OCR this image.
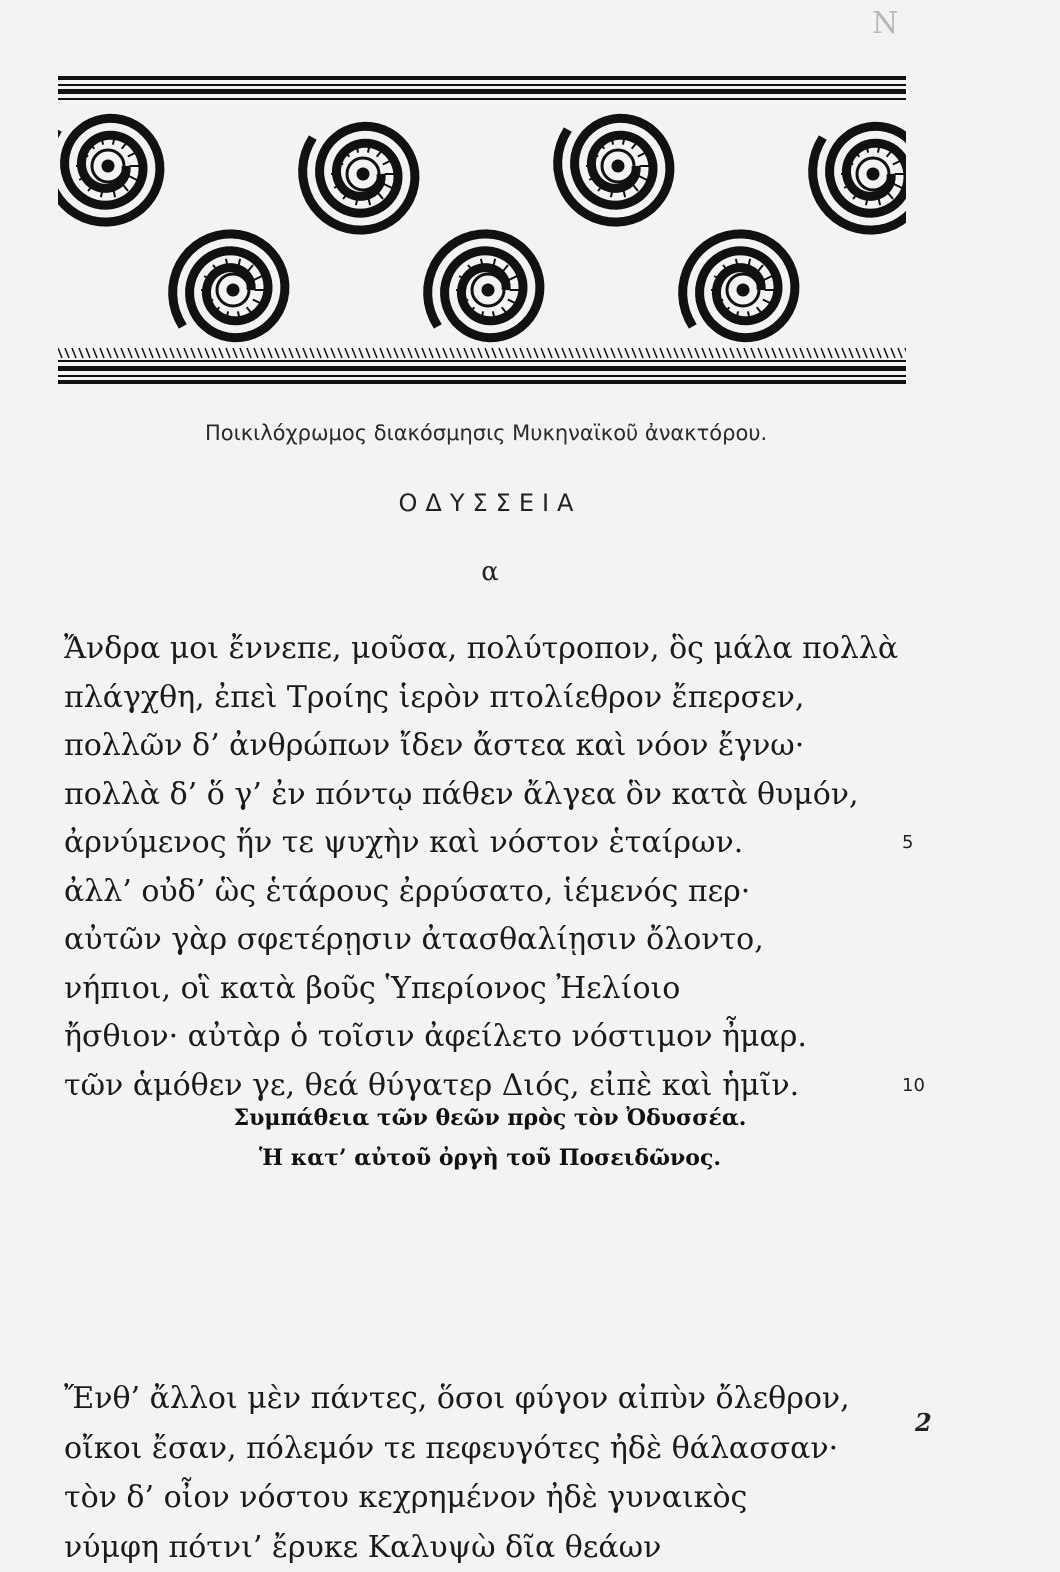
N
Ποικιλόχρωμος διακόσμησις Μυκηναϊκοῦ ἀνακτόρου.
ΟΔΥΣΣΕΙΑ
α
Ἄνδρα μοι ἔννεπε, μοῦσα, πολύτροπον, ὃς μάλα πολλὰ
πλάγχθη, ἐπεὶ Τροίης ἱερὸν πτολίεθρον ἔπερσεν,
πολλῶν δ’ ἀνθρώπων ἴδεν ἄστεα καὶ νόον ἔγνω·
πολλὰ δ’ ὅ γ’ ἐν πόντῳ πάθεν ἄλγεα ὃν κατὰ θυμόν,
ἀρνύμενος ἥν τε ψυχὴν καὶ νόστον ἑταίρων.	5
ἀλλ’ οὐδ’ ὣς ἑτάρους ἐρρύσατο, ἱέμενός περ·
αὐτῶν γὰρ σφετέρῃσιν ἀτασθαλίῃσιν ὄλοντο,
νήπιοι, οἳ κατὰ βοῦς Ὑπερίονος Ἠελίοιο
ἤσθιον· αὐτὰρ ὁ τοῖσιν ἀφείλετο νόστιμον ἦμαρ.
τῶν ἁμόθεν γε, θεά θύγατερ Διός, εἰπὲ καὶ ἡμῖν.	10
Συμπάθεια τῶν θεῶν πρὸς τὸν Ὀδυσσέα.
Ἡ κατ’ αὐτοῦ ὀργὴ τοῦ Ποσειδῶνος.
Ἔνθ’ ἄλλοι μὲν πάντες, ὅσοι φύγον αἰπὺν ὄλεθρον,
οἴκοι ἔσαν, πόλεμόν τε πεφευγότες ἠδὲ θάλασσαν·
τὸν δ’ οἶον νόστου κεχρημένον ἠδὲ γυναικὸς
νύμφη πότνι’ ἔρυκε Καλυψὼ δῖα θεάων
2
